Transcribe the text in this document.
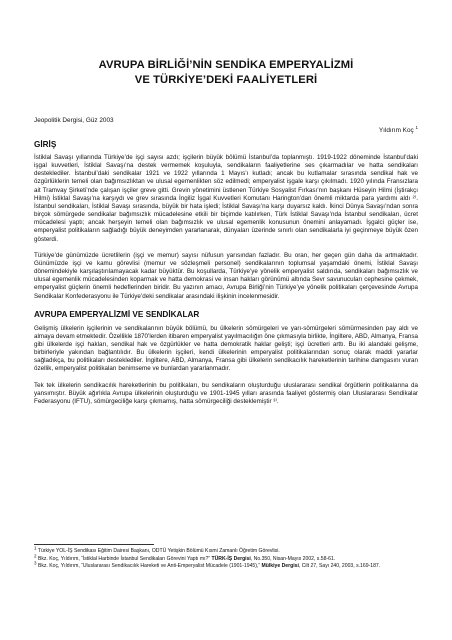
AVRUPA BİRLİĞİ’NİN SENDİKA EMPERYALİZMİ
VE TÜRKİYE’DEKİ FAALİYETLERİ
Jeopolitik Dergisi, Güz 2003
Yıldırım Koç $^1$
GİRİŞ

İstiklal Savaşı yıllarında Türkiye’de işçi sayısı azdı; işçilerin büyük bölümü İstanbul’da toplanmıştı. 1919-1922 döneminde İstanbul’daki işgal kuvvetleri, İstiklal Savaşı’na destek vermemek koşuluyla, sendikaların faaliyetlerine ses çıkarmadılar ve hatta sendikaları desteklediler. İstanbul’daki sendikalar 1921 ve 1922 yıllarında 1 Mayıs’ı kutladı; ancak bu kutlamalar sırasında sendikal hak ve özgürlüklerin temeli olan bağımsızlıktan ve ulusal egemenlikten söz edilmedi; emperyalist işgale karşı çıkılmadı. 1920 yılında Fransızlara ait Tramvay Şirketi’nde çalışan işçiler greve gitti. Grevin yönetimini üstlenen Türkiye Sosyalist Fırkası’nın başkanı Hüseyin Hilmi (İştirakçı Hilmi) İstiklal Savaşı’na karşıydı ve grev sırasında İngiliz İşgal Kuvvetleri Komutanı Harington’dan önemli miktarda para yardımı aldı ²⁾. İstanbul sendikaları, İstiklal Savaşı sırasında, büyük bir hata işledi; İstiklal Savaşı’na karşı duyarsız kaldı. İkinci Dünya Savaşı’ndan sonra birçok sömürgede sendikalar bağımsızlık mücadelesine etkili bir biçimde katılırken, Türk İstiklal Savaşı’nda İstanbul sendikaları, ücret mücadelesi yaptı; ancak herşeyin temeli olan bağımsızlık ve ulusal egemenlik konusunun önemini anlayamadı. İşgalci güçler ise, emperyalist politikaların sağladığı büyük deneyimden yararlanarak, dünyaları üzerinde sınırlı olan sendikalarla iyi geçinmeye büyük özen gösterdi.

Türkiye’de günümüzde ücretlilerin (işçi ve memur) sayısı nüfusun yarısından fazladır. Bu oran, her geçen gün daha da artmaktadır. Günümüzde işçi ve kamu görevlisi (memur ve sözleşmeli personel) sendikalarının toplumsal yaşamdaki önemi, İstiklal Savaşı dönemindekiyle karşılaştırılamayacak kadar büyüktür. Bu koşullarda, Türkiye’ye yönelik emperyalist saldırıda, sendikaları bağımsızlık ve ulusal egemenlik mücadelesinden koparmak ve hatta demokrasi ve insan hakları görünümü altında Sevr savunucuları cephesine çekmek, emperyalist güçlerin önemli hedeflerinden biridir. Bu yazının amacı, Avrupa Birliği’nin Türkiye’ye yönelik politikaları çerçevesinde Avrupa Sendikalar Konfederasyonu ile Türkiye’deki sendikalar arasındaki ilişkinin incelenmesidir.

AVRUPA EMPERYALİZMİ VE SENDİKALAR

Gelişmiş ülkelerin işçilerinin ve sendikalarının büyük bölümü, bu ülkelerin sömürgeleri ve yarı-sömürgeleri sömürmesinden pay aldı ve almaya devam etmektedir. Özellikle 1870’lerden itibaren emperyalist yayılmacılığın öne çıkmasıyla birlikte, İngiltere, ABD, Almanya, Fransa gibi ülkelerde işçi hakları, sendikal hak ve özgürlükler ve hatta demokratik haklar gelişti; işçi ücretleri arttı. Bu iki alandaki gelişme, birbirleriyle yakından bağlantılıdır. Bu ülkelerin işçileri, kendi ülkelerinin emperyalist politikalarından sonuç olarak maddi yararlar sağladıkça, bu politikaları desteklediler. İngiltere, ABD, Almanya, Fransa gibi ülkelerin sendikacılık hareketlerinin tarihine damgasını vuran özellik, emperyalist politikaları benimseme ve bunlardan yararlanmadır.

Tek tek ülkelerin sendikacılık hareketlerinin bu politikaları, bu sendikaların oluşturduğu uluslararası sendikal örgütlerin politikalarına da yansımıştır. Büyük ağırlıkla Avrupa ülkelerinin oluşturduğu ve 1901-1945 yılları arasında faaliyet göstermiş olan Uluslararası Sendikalar Federasyonu (IFTU), sömürgeciliğe karşı çıkmamış, hatta sömürgeciliği desteklemiştir ³⁾.

$^1$ Türkiye YOL-İŞ Sendikası Eğitim Dairesi Başkanı, ODTÜ Yetişkin Bölümü Kısmi Zamanlı Öğretim Görevlisi.
$^2$ Bkz. Koç, Yıldırım, “İstiklal Harbinde İstanbul Sendikaları Görevini Yaptı mı?” TÜRK-İŞ Dergisi, No.350, Nisan-Mayıs 2002, s.58-61.
$^3$ Bkz. Koç, Yıldırım, “Uluslararası Sendikacılık Hareketi ve Anti-Emperyalist Mücadele (1901-1945),” Mülkiye Dergisi, Cilt 27, Sayı 240, 2003, s.169-187.
